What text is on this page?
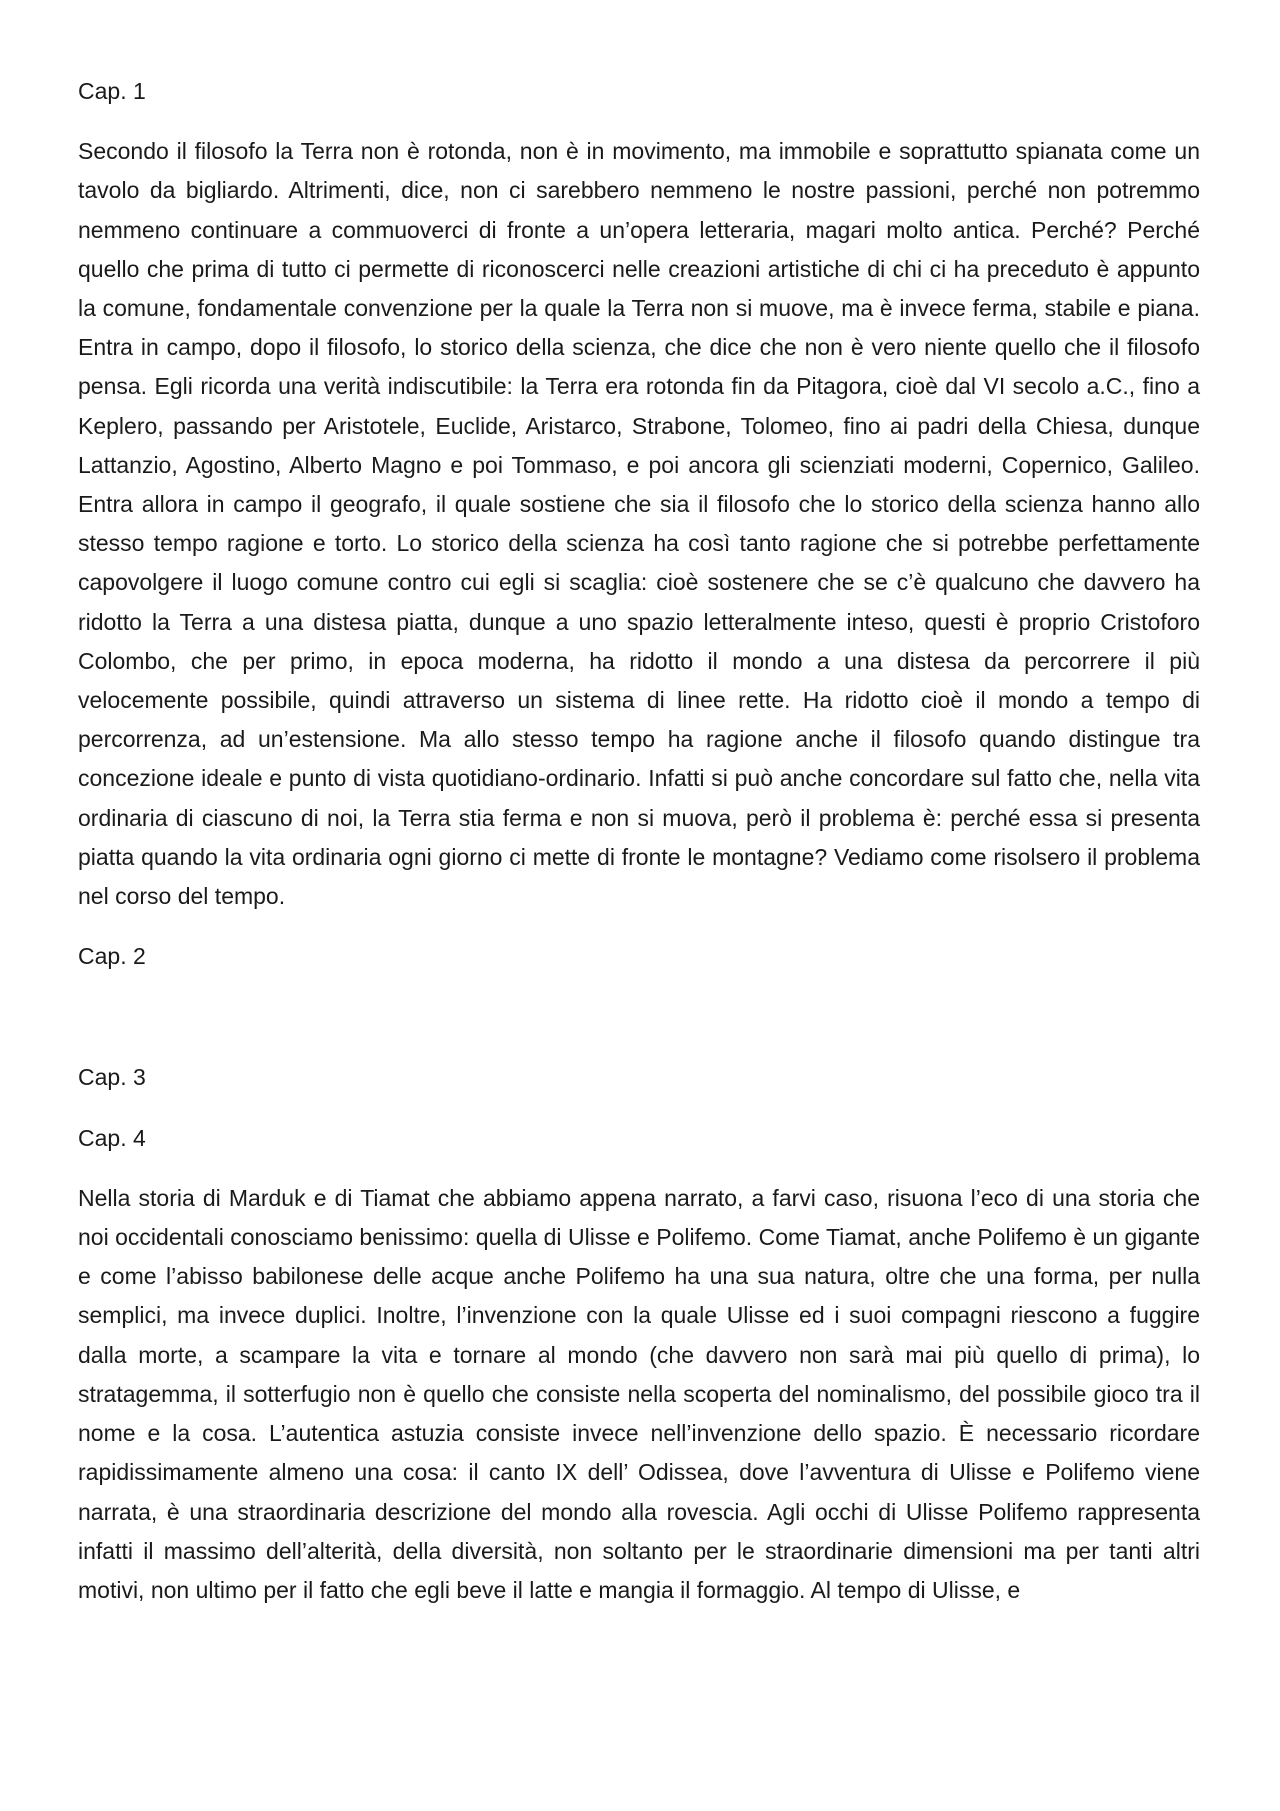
Cap. 1

Secondo il filosofo la Terra non è rotonda, non è in movimento, ma immobile e soprattutto spianata come un tavolo da bigliardo. Altrimenti, dice, non ci sarebbero nemmeno le nostre passioni, perché non potremmo nemmeno continuare a commuoverci di fronte a un’opera letteraria, magari molto antica. Perché? Perché quello che prima di tutto ci permette di riconoscerci nelle creazioni artistiche di chi ci ha preceduto è appunto la comune, fondamentale convenzione per la quale la Terra non si muove, ma è invece ferma, stabile e piana. Entra in campo, dopo il filosofo, lo storico della scienza, che dice che non è vero niente quello che il filosofo pensa. Egli ricorda una verità indiscutibile: la Terra era rotonda fin da Pitagora, cioè dal VI secolo a.C., fino a Keplero, passando per Aristotele, Euclide, Aristarco, Strabone, Tolomeo, fino ai padri della Chiesa, dunque Lattanzio, Agostino, Alberto Magno e poi Tommaso, e poi ancora gli scienziati moderni, Copernico, Galileo. Entra allora in campo il geografo, il quale sostiene che sia il filosofo che lo storico della scienza hanno allo stesso tempo ragione e torto. Lo storico della scienza ha così tanto ragione che si potrebbe perfettamente capovolgere il luogo comune contro cui egli si scaglia: cioè sostenere che se c’è qualcuno che davvero ha ridotto la Terra a una distesa piatta, dunque a uno spazio letteralmente inteso, questi è proprio Cristoforo Colombo, che per primo, in epoca moderna, ha ridotto il mondo a una distesa da percorrere il più velocemente possibile, quindi attraverso un sistema di linee rette. Ha ridotto cioè il mondo a tempo di percorrenza, ad un’estensione. Ma allo stesso tempo ha ragione anche il filosofo quando distingue tra concezione ideale e punto di vista quotidiano-ordinario. Infatti si può anche concordare sul fatto che, nella vita ordinaria di ciascuno di noi, la Terra stia ferma e non si muova, però il problema è: perché essa si presenta piatta quando la vita ordinaria ogni giorno ci mette di fronte le montagne? Vediamo come risolsero il problema nel corso del tempo.

Cap. 2

Cap. 3

Cap. 4

Nella storia di Marduk e di Tiamat che abbiamo appena narrato, a farvi caso, risuona l’eco di una storia che noi occidentali conosciamo benissimo: quella di Ulisse e Polifemo. Come Tiamat, anche Polifemo è un gigante e come l’abisso babilonese delle acque anche Polifemo ha una sua natura, oltre che una forma, per nulla semplici, ma invece duplici. Inoltre, l’invenzione con la quale Ulisse ed i suoi compagni riescono a fuggire dalla morte, a scampare la vita e tornare al mondo (che davvero non sarà mai più quello di prima), lo stratagemma, il sotterfugio non è quello che consiste nella scoperta del nominalismo, del possibile gioco tra il nome e la cosa. L’autentica astuzia consiste invece nell’invenzione dello spazio. È necessario ricordare rapidissimamente almeno una cosa: il canto IX dell’ Odissea, dove l’avventura di Ulisse e Polifemo viene narrata, è una straordinaria descrizione del mondo alla rovescia. Agli occhi di Ulisse Polifemo rappresenta infatti il massimo dell’alterità, della diversità, non soltanto per le straordinarie dimensioni ma per tanti altri motivi, non ultimo per il fatto che egli beve il latte e mangia il formaggio. Al tempo di Ulisse, e
